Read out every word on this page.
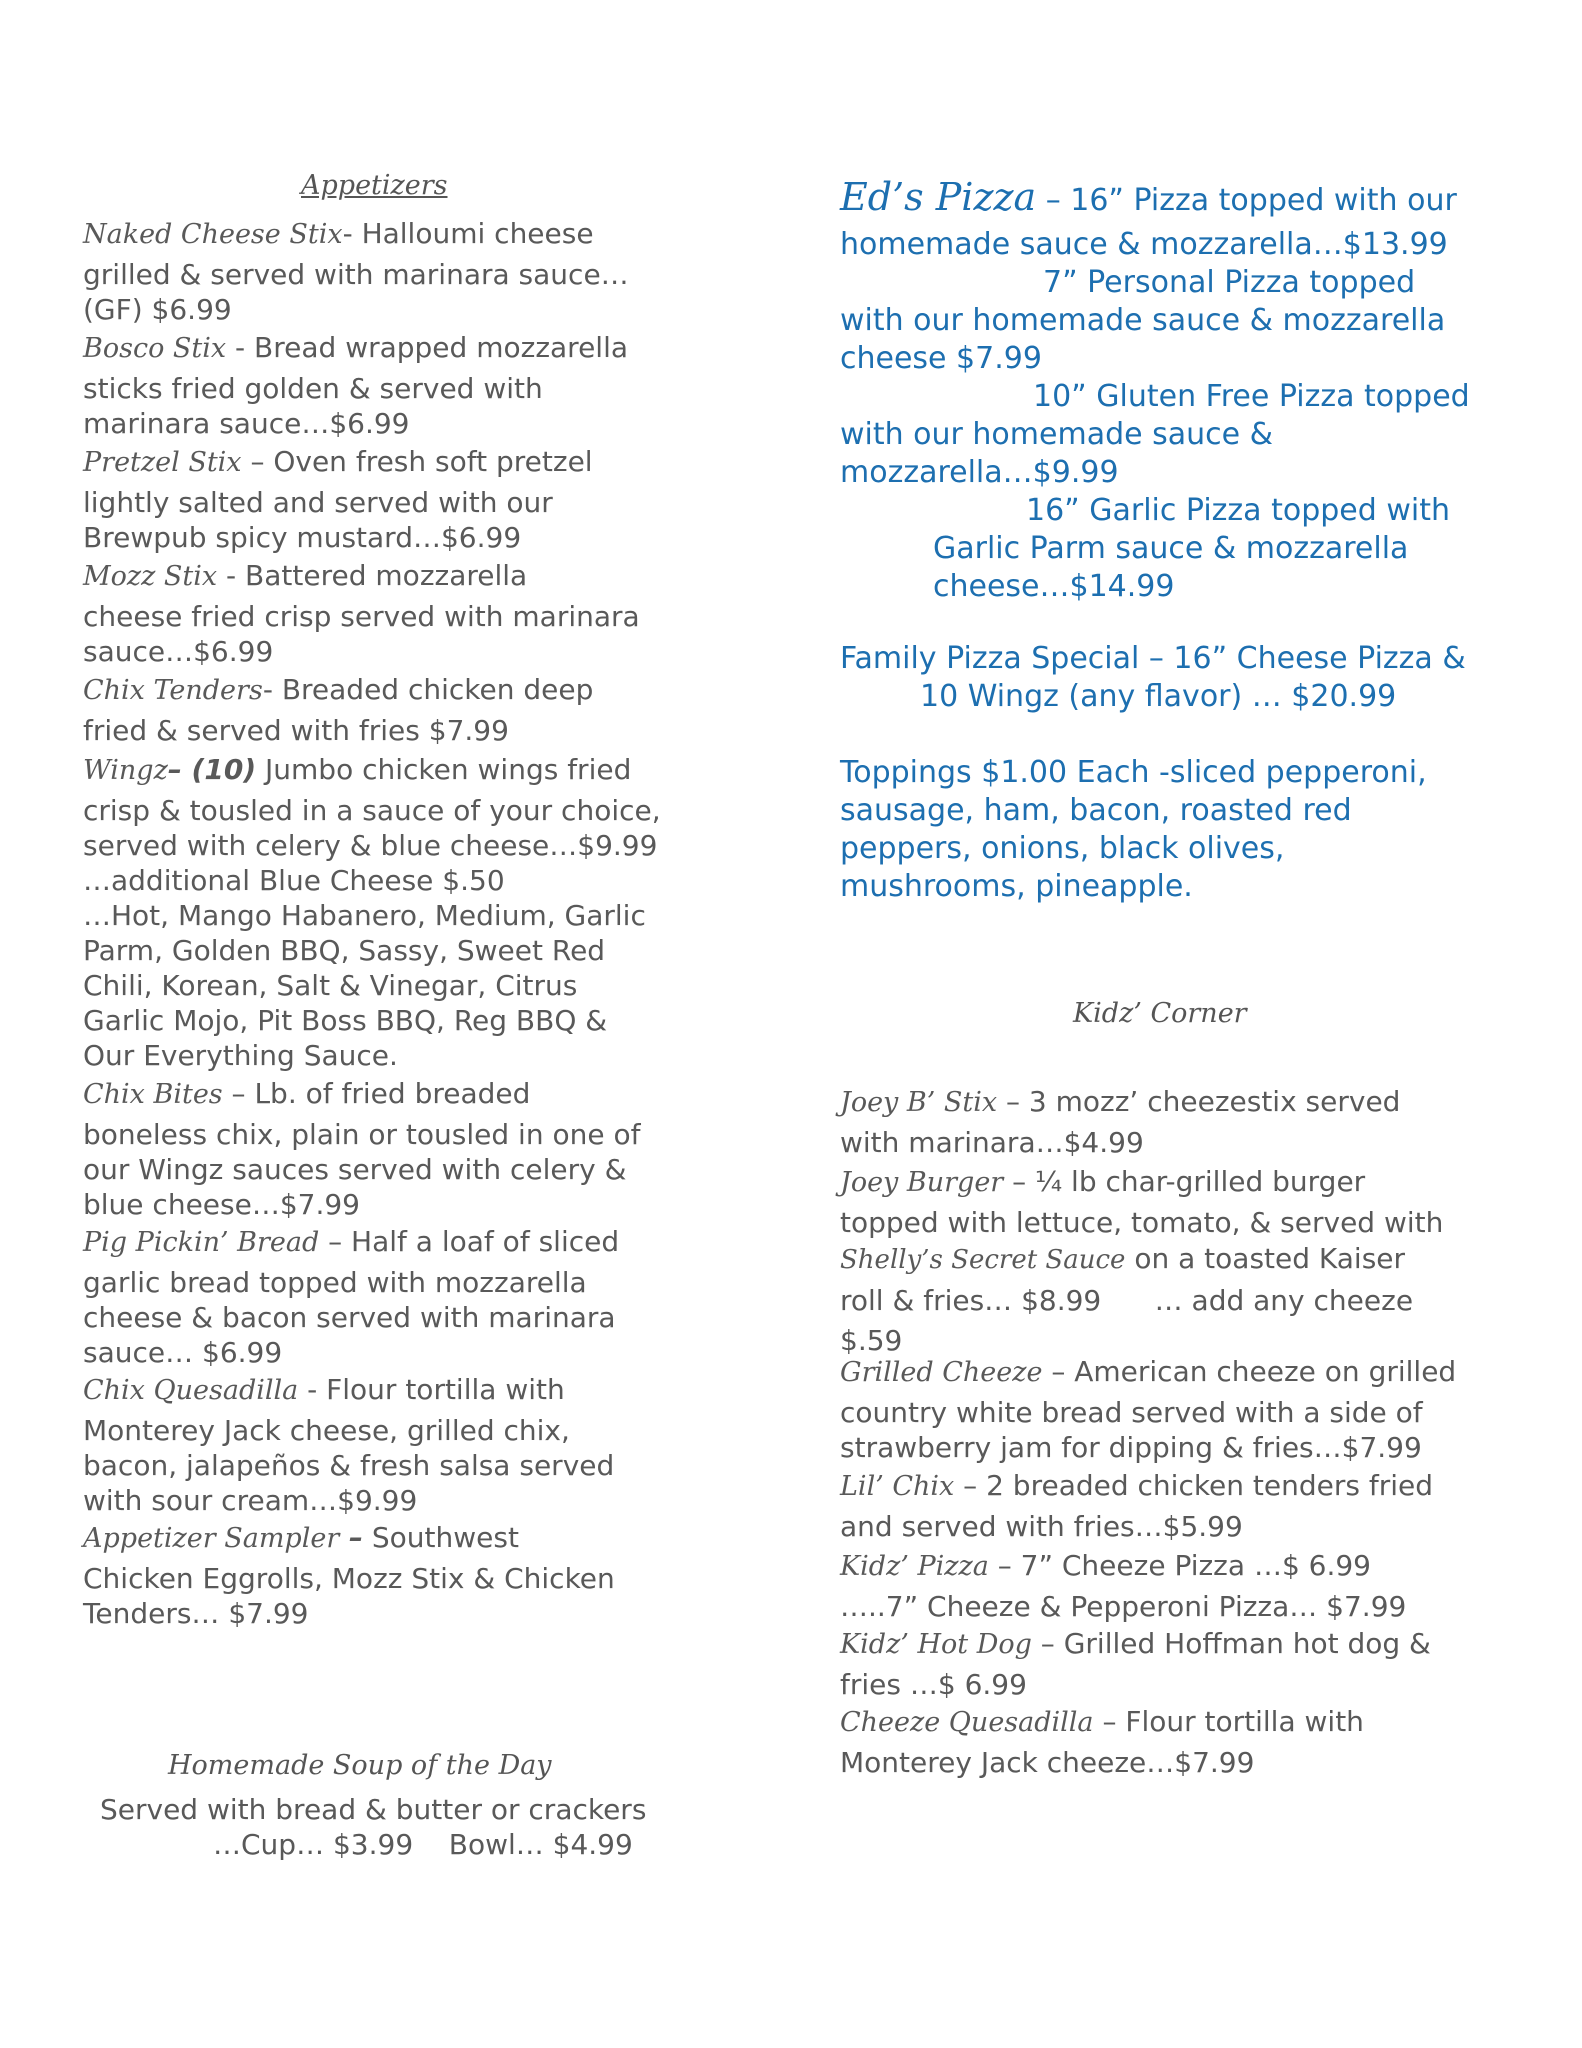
Appetizers
Naked Cheese Stix- Halloumi cheese
grilled & served with marinara sauce…
(GF) $6.99
Bosco Stix - Bread wrapped mozzarella
sticks fried golden & served with
marinara sauce…$6.99
Pretzel Stix – Oven fresh soft pretzel
lightly salted and served with our
Brewpub spicy mustard…$6.99
Mozz Stix - Battered mozzarella
cheese fried crisp served with marinara
sauce…$6.99
Chix Tenders- Breaded chicken deep
fried & served with fries $7.99
Wingz– (10) Jumbo chicken wings fried
crisp & tousled in a sauce of your choice,
served with celery & blue cheese…$9.99
…additional Blue Cheese $.50
…Hot, Mango Habanero, Medium, Garlic
Parm, Golden BBQ, Sassy, Sweet Red
Chili, Korean, Salt & Vinegar, Citrus
Garlic Mojo, Pit Boss BBQ, Reg BBQ &
Our Everything Sauce.
Chix Bites – Lb. of fried breaded
boneless chix, plain or tousled in one of
our Wingz sauces served with celery &
blue cheese…$7.99
Pig Pickin’ Bread – Half a loaf of sliced
garlic bread topped with mozzarella
cheese & bacon served with marinara
sauce… $6.99
Chix Quesadilla - Flour tortilla with
Monterey Jack cheese, grilled chix,
bacon, jalapeños & fresh salsa served
with sour cream…$9.99
Appetizer Sampler – Southwest
Chicken Eggrolls, Mozz Stix & Chicken
Tenders… $7.99
Homemade Soup of the Day
Served with bread & butter or crackers
…Cup… $3.99    Bowl… $4.99
Ed’s Pizza – 16” Pizza topped with our
homemade sauce & mozzarella…$13.99
7” Personal Pizza topped
with our homemade sauce & mozzarella
cheese $7.99
10” Gluten Free Pizza topped
with our homemade sauce &
mozzarella…$9.99
16” Garlic Pizza topped with
Garlic Parm sauce & mozzarella
cheese…$14.99
Family Pizza Special – 16” Cheese Pizza &
10 Wingz (any flavor) … $20.99
Toppings $1.00 Each -sliced pepperoni,
sausage, ham, bacon, roasted red
peppers, onions, black olives,
mushrooms, pineapple.
Kidz’ Corner
Joey B’ Stix – 3 mozz’ cheezestix served
with marinara…$4.99
Joey Burger – ¼ lb char-grilled burger
topped with lettuce, tomato, & served with
Shelly’s Secret Sauce on a toasted Kaiser
roll & fries… $8.99      … add any cheeze
$.59
Grilled Cheeze – American cheeze on grilled
country white bread served with a side of
strawberry jam for dipping & fries…$7.99
Lil’ Chix – 2 breaded chicken tenders fried
and served with fries…$5.99
Kidz’ Pizza – 7” Cheeze Pizza …$ 6.99
…..7” Cheeze & Pepperoni Pizza… $7.99
Kidz’ Hot Dog – Grilled Hoffman hot dog &
fries …$ 6.99
Cheeze Quesadilla – Flour tortilla with
Monterey Jack cheeze…$7.99
